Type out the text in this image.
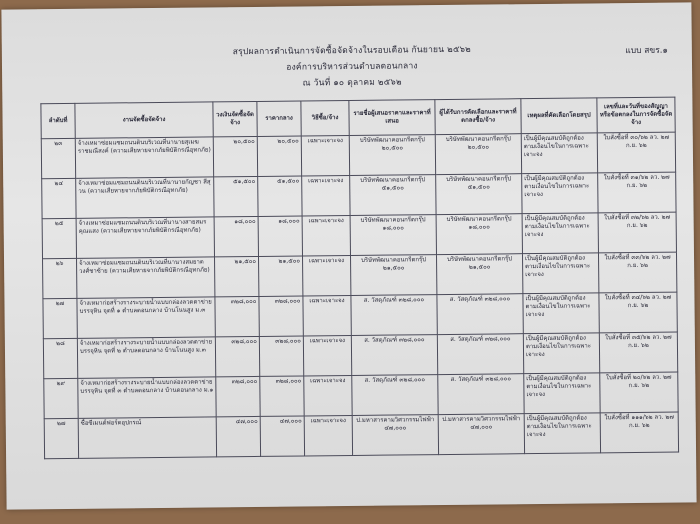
สรุปผลการดำเนินการจัดซื้อจัดจ้างในรอบเดือน กันยายน ๒๕๖๒
องค์การบริหารส่วนตำบลดอนกลาง
ณ วันที่ ๑๐ ตุลาคม ๒๕๖๒
แบบ สขร.๑
ลำดับที่	งานจัดซื้อจัดจ้าง	วงเงินจัดซื้อจัดจ้าง	ราคากลาง	วิธีซื้อ/จ้าง	รายชื่อผู้เสนอราคาและราคาที่เสนอ	ผู้ได้รับการคัดเลือกและราคาที่ตกลงซื้อ/จ้าง	เหตุผลที่คัดเลือกโดยสรุป	เลขที่และวันที่ของสัญญาหรือข้อตกลงในการจัดซื้อจัดจ้าง
๒๓	จ้างเหมาซ่อมแซมถนนดินบริเวณที่นานายสุเมฆ ราชมณีสงค์ (ความเสียหายจากภัยพิบัติกรณีอุทกภัย)	๒๐,๕๐๐	๒๐,๕๐๐	เฉพาะเจาะจง	บริษัทพัฒนาคอนกรีตกรุ๊ป ๒๐,๕๐๐	บริษัทพัฒนาคอนกรีตกรุ๊ป ๒๐,๕๐๐	เป็นผู้มีคุณสมบัติถูกต้องตามเงื่อนไขในการเฉพาะเจาะจง	ใบสั่งซื้อที่ ๓๐/๖๒ ลว. ๒๗ ก.ย. ๖๒
๒๔	จ้างเหมาซ่อมแซมถนนดินบริเวณที่นานายกัญชา สีสุวน (ความเสียหายจากภัยพิบัติกรณีอุทกภัย)	๕๑,๕๐๐	๕๑,๕๐๐	เฉพาะเจาะจง	บริษัทพัฒนาคอนกรีตกรุ๊ป ๕๑,๕๐๐	บริษัทพัฒนาคอนกรีตกรุ๊ป ๕๑,๕๐๐	เป็นผู้มีคุณสมบัติถูกต้องตามเงื่อนไขในการเฉพาะเจาะจง	ใบสั่งซื้อที่ ๓๑/๖๒ ลว. ๒๗ ก.ย. ๖๒
๒๕	จ้างเหมาซ่อมแซมถนนดินบริเวณที่นานางสายสมร คุณแสง (ความเสียหายจากภัยพิบัติกรณีอุทกภัย)	๑๘,๐๐๐	๑๘,๐๐๐	เฉพาะเจาะจง	บริษัทพัฒนาคอนกรีตกรุ๊ป ๑๘,๐๐๐	บริษัทพัฒนาคอนกรีตกรุ๊ป ๑๘,๐๐๐	เป็นผู้มีคุณสมบัติถูกต้องตามเงื่อนไขในการเฉพาะเจาะจง	ใบสั่งซื้อที่ ๓๒/๖๒ ลว. ๒๗ ก.ย. ๖๒
๒๖	จ้างเหมาซ่อมแซมถนนดินบริเวณที่นานางสมยาด วงศ์ชาซ้าย (ความเสียหายจากภัยพิบัติกรณีอุทกภัย)	๒๑,๕๐๐	๒๑,๕๐๐	เฉพาะเจาะจง	บริษัทพัฒนาคอนกรีตกรุ๊ป ๒๑,๕๐๐	บริษัทพัฒนาคอนกรีตกรุ๊ป ๒๑,๕๐๐	เป็นผู้มีคุณสมบัติถูกต้องตามเงื่อนไขในการเฉพาะเจาะจง	ใบสั่งซื้อที่ ๓๓/๖๒ ลว. ๒๗ ก.ย. ๖๒
๒๗	จ้างเหมาก่อสร้างรางระบายน้ำแบบกล่องลวดตาข่ายบรรจุหิน จุดที่ ๑ ตำบลดอนกลาง บ้านโนนสูง ม.๓	๓๒๘,๐๐๐	๓๒๘,๐๐๐	เฉพาะเจาะจง	ส. วัสดุภัณฑ์ ๓๒๘,๐๐๐	ส. วัสดุภัณฑ์ ๓๒๘,๐๐๐	เป็นผู้มีคุณสมบัติถูกต้องตามเงื่อนไขในการเฉพาะเจาะจง	ใบสั่งซื้อที่ ๓๔/๖๒ ลว. ๒๗ ก.ย. ๖๒
๒๘	จ้างเหมาก่อสร้างรางระบายน้ำแบบกล่องลวดตาข่ายบรรจุหิน จุดที่ ๒ ตำบลดอนกลาง บ้านโนนสูง ม.๓	๓๒๘,๐๐๐	๓๒๘,๐๐๐	เฉพาะเจาะจง	ส. วัสดุภัณฑ์ ๓๒๘,๐๐๐	ส. วัสดุภัณฑ์ ๓๒๘,๐๐๐	เป็นผู้มีคุณสมบัติถูกต้องตามเงื่อนไขในการเฉพาะเจาะจง	ใบสั่งซื้อที่ ๓๕/๖๒ ลว. ๒๗ ก.ย. ๖๒
๒๙	จ้างเหมาก่อสร้างรางระบายน้ำแบบกล่องลวดตาข่ายบรรจุหิน จุดที่ ๓ ตำบลดอนกลาง บ้านดอนกลาง ม.๑	๓๒๘,๐๐๐	๓๒๘,๐๐๐	เฉพาะเจาะจง	ส. วัสดุภัณฑ์ ๓๒๘,๐๐๐	ส. วัสดุภัณฑ์ ๓๒๘,๐๐๐	เป็นผู้มีคุณสมบัติถูกต้องตามเงื่อนไขในการเฉพาะเจาะจง	ใบสั่งซื้อที่ ๒๐/๖๒ ลว. ๒๗ ก.ย. ๖๒
๒๗	ซื้อซีเมนต์ฟอร์ดอุปกรณ์	๔๗,๐๐๐	๔๗,๐๐๐	เฉพาะเจาะจง	ป.มหาสารคามวิศวกรรมไฟฟ้า ๔๗,๐๐๐	ป.มหาสารคามวิศวกรรมไฟฟ้า ๔๗,๐๐๐	เป็นผู้มีคุณสมบัติถูกต้องตามเงื่อนไขในการเฉพาะเจาะจง	ใบสั่งซื้อที่ ๑๑๑/๖๒ ลว. ๒๗ ก.ย. ๖๒
